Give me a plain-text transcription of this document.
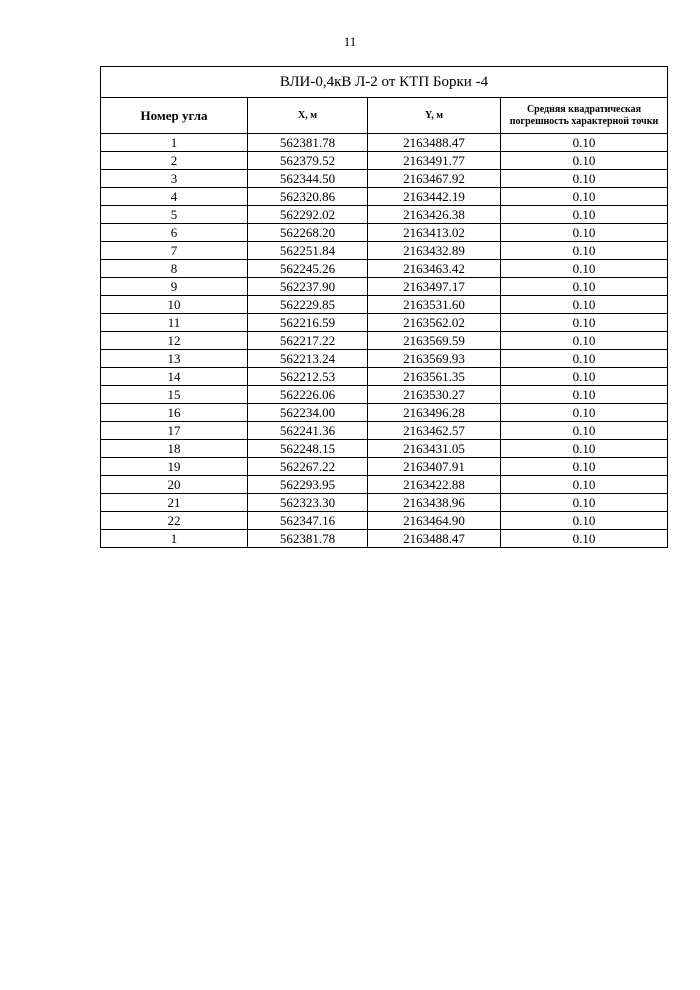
11
ВЛИ-0,4кВ Л-2 от КТП Борки -4			
Номер угла	X, м	Y, м	Средняя квадратическая погрешность характерной точки
1	562381.78	2163488.47	0.10
2	562379.52	2163491.77	0.10
3	562344.50	2163467.92	0.10
4	562320.86	2163442.19	0.10
5	562292.02	2163426.38	0.10
6	562268.20	2163413.02	0.10
7	562251.84	2163432.89	0.10
8	562245.26	2163463.42	0.10
9	562237.90	2163497.17	0.10
10	562229.85	2163531.60	0.10
11	562216.59	2163562.02	0.10
12	562217.22	2163569.59	0.10
13	562213.24	2163569.93	0.10
14	562212.53	2163561.35	0.10
15	562226.06	2163530.27	0.10
16	562234.00	2163496.28	0.10
17	562241.36	2163462.57	0.10
18	562248.15	2163431.05	0.10
19	562267.22	2163407.91	0.10
20	562293.95	2163422.88	0.10
21	562323.30	2163438.96	0.10
22	562347.16	2163464.90	0.10
1	562381.78	2163488.47	0.10
